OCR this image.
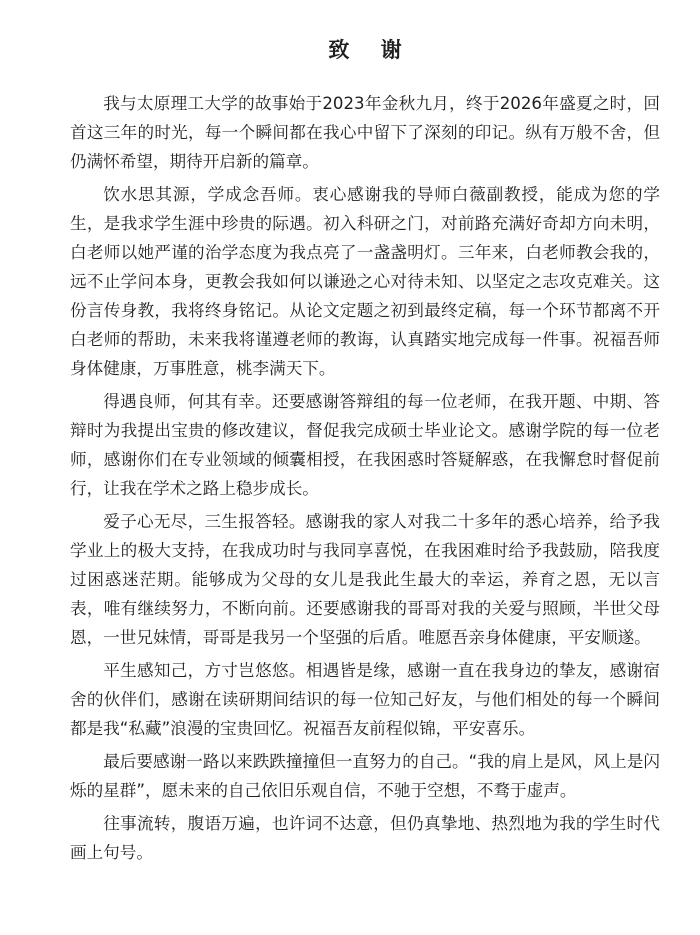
致 谢

我与太原理工大学的故事始于2023年金秋九月，终于2026年盛夏之时，回首这三年的时光，每一个瞬间都在我心中留下了深刻的印记。纵有万般不舍，但仍满怀希望，期待开启新的篇章。

饮水思其源，学成念吾师。衷心感谢我的导师白薇副教授，能成为您的学生，是我求学生涯中珍贵的际遇。初入科研之门，对前路充满好奇却方向未明，白老师以她严谨的治学态度为我点亮了一盏盏明灯。三年来，白老师教会我的，远不止学问本身，更教会我如何以谦逊之心对待未知、以坚定之志攻克难关。这份言传身教，我将终身铭记。从论文定题之初到最终定稿，每一个环节都离不开白老师的帮助，未来我将谨遵老师的教诲，认真踏实地完成每一件事。祝福吾师身体健康，万事胜意，桃李满天下。

得遇良师，何其有幸。还要感谢答辩组的每一位老师，在我开题、中期、答辩时为我提出宝贵的修改建议，督促我完成硕士毕业论文。感谢学院的每一位老师，感谢你们在专业领域的倾囊相授，在我困惑时答疑解惑，在我懈怠时督促前行，让我在学术之路上稳步成长。

爱子心无尽，三生报答轻。感谢我的家人对我二十多年的悉心培养，给予我学业上的极大支持，在我成功时与我同享喜悦，在我困难时给予我鼓励，陪我度过困惑迷茫期。能够成为父母的女儿是我此生最大的幸运，养育之恩，无以言表，唯有继续努力，不断向前。还要感谢我的哥哥对我的关爱与照顾，半世父母恩，一世兄妹情，哥哥是我另一个坚强的后盾。唯愿吾亲身体健康，平安顺遂。

平生感知己，方寸岂悠悠。相遇皆是缘，感谢一直在我身边的挚友，感谢宿舍的伙伴们，感谢在读研期间结识的每一位知己好友，与他们相处的每一个瞬间都是我“私藏”浪漫的宝贵回忆。祝福吾友前程似锦，平安喜乐。

最后要感谢一路以来跌跌撞撞但一直努力的自己。“我的肩上是风，风上是闪烁的星群”，愿未来的自己依旧乐观自信，不驰于空想，不骛于虚声。

往事流转，腹语万遍，也许词不达意，但仍真挚地、热烈地为我的学生时代画上句号。
